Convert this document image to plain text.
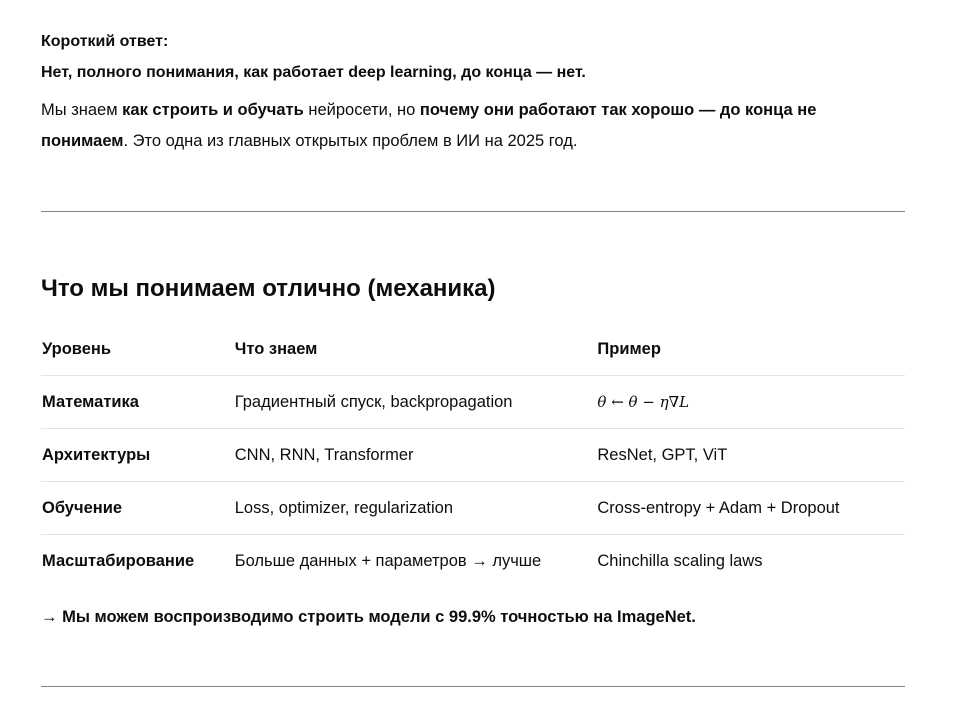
Короткий ответ:
Нет, полного понимания, как работает deep learning, до конца — нет.

Мы знаем как строить и обучать нейросети, но почему они работают так хорошо — до конца не понимаем. Это одна из главных открытых проблем в ИИ на 2025 год.

Что мы понимаем отлично (механика)
Уровень	Что знаем	Пример
Математика	Градиентный спуск, backpropagation	θ ← θ − η∇L
Архитектуры	CNN, RNN, Transformer	ResNet, GPT, ViT
Обучение	Loss, optimizer, regularization	Cross-entropy + Adam + Dropout
Масштабирование	Больше данных + параметров → лучше	Chinchilla scaling laws
→ Мы можем воспроизводимо строить модели с 99.9% точностью на ImageNet.
